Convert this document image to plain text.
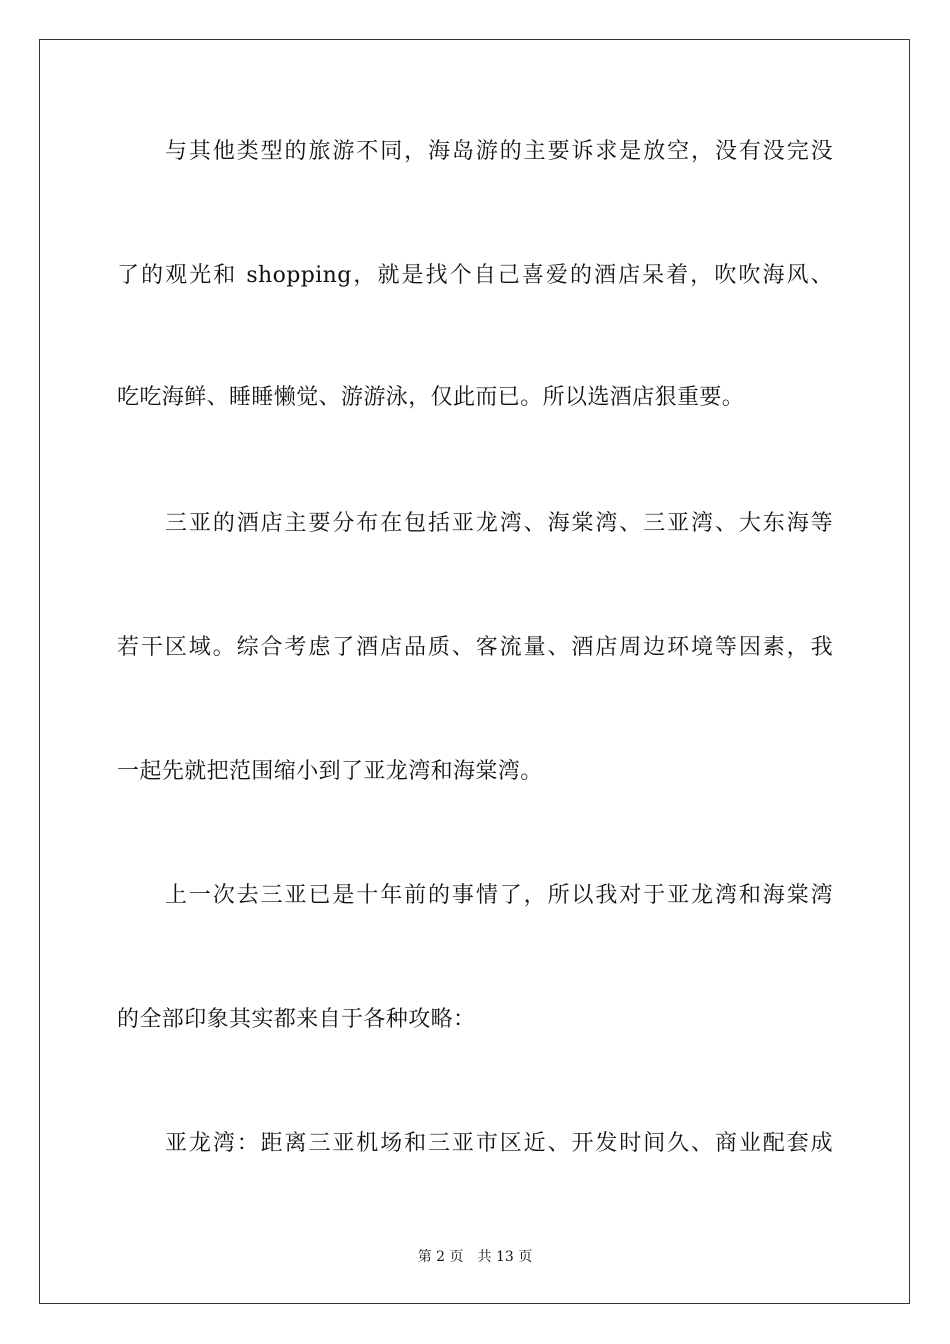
与其他类型的旅游不同，海岛游的主要诉求是放空，没有没完没
了的观光和 shopping，就是找个自己喜爱的酒店呆着，吹吹海风、
吃吃海鲜、睡睡懒觉、游游泳，仅此而已。所以选酒店狠重要。
三亚的酒店主要分布在包括亚龙湾、海棠湾、三亚湾、大东海等
若干区域。综合考虑了酒店品质、客流量、酒店周边环境等因素，我
一起先就把范围缩小到了亚龙湾和海棠湾。
上一次去三亚已是十年前的事情了，所以我对于亚龙湾和海棠湾
的全部印象其实都来自于各种攻略：
亚龙湾：距离三亚机场和三亚市区近、开发时间久、商业配套成
第 2 页 共 13 页
